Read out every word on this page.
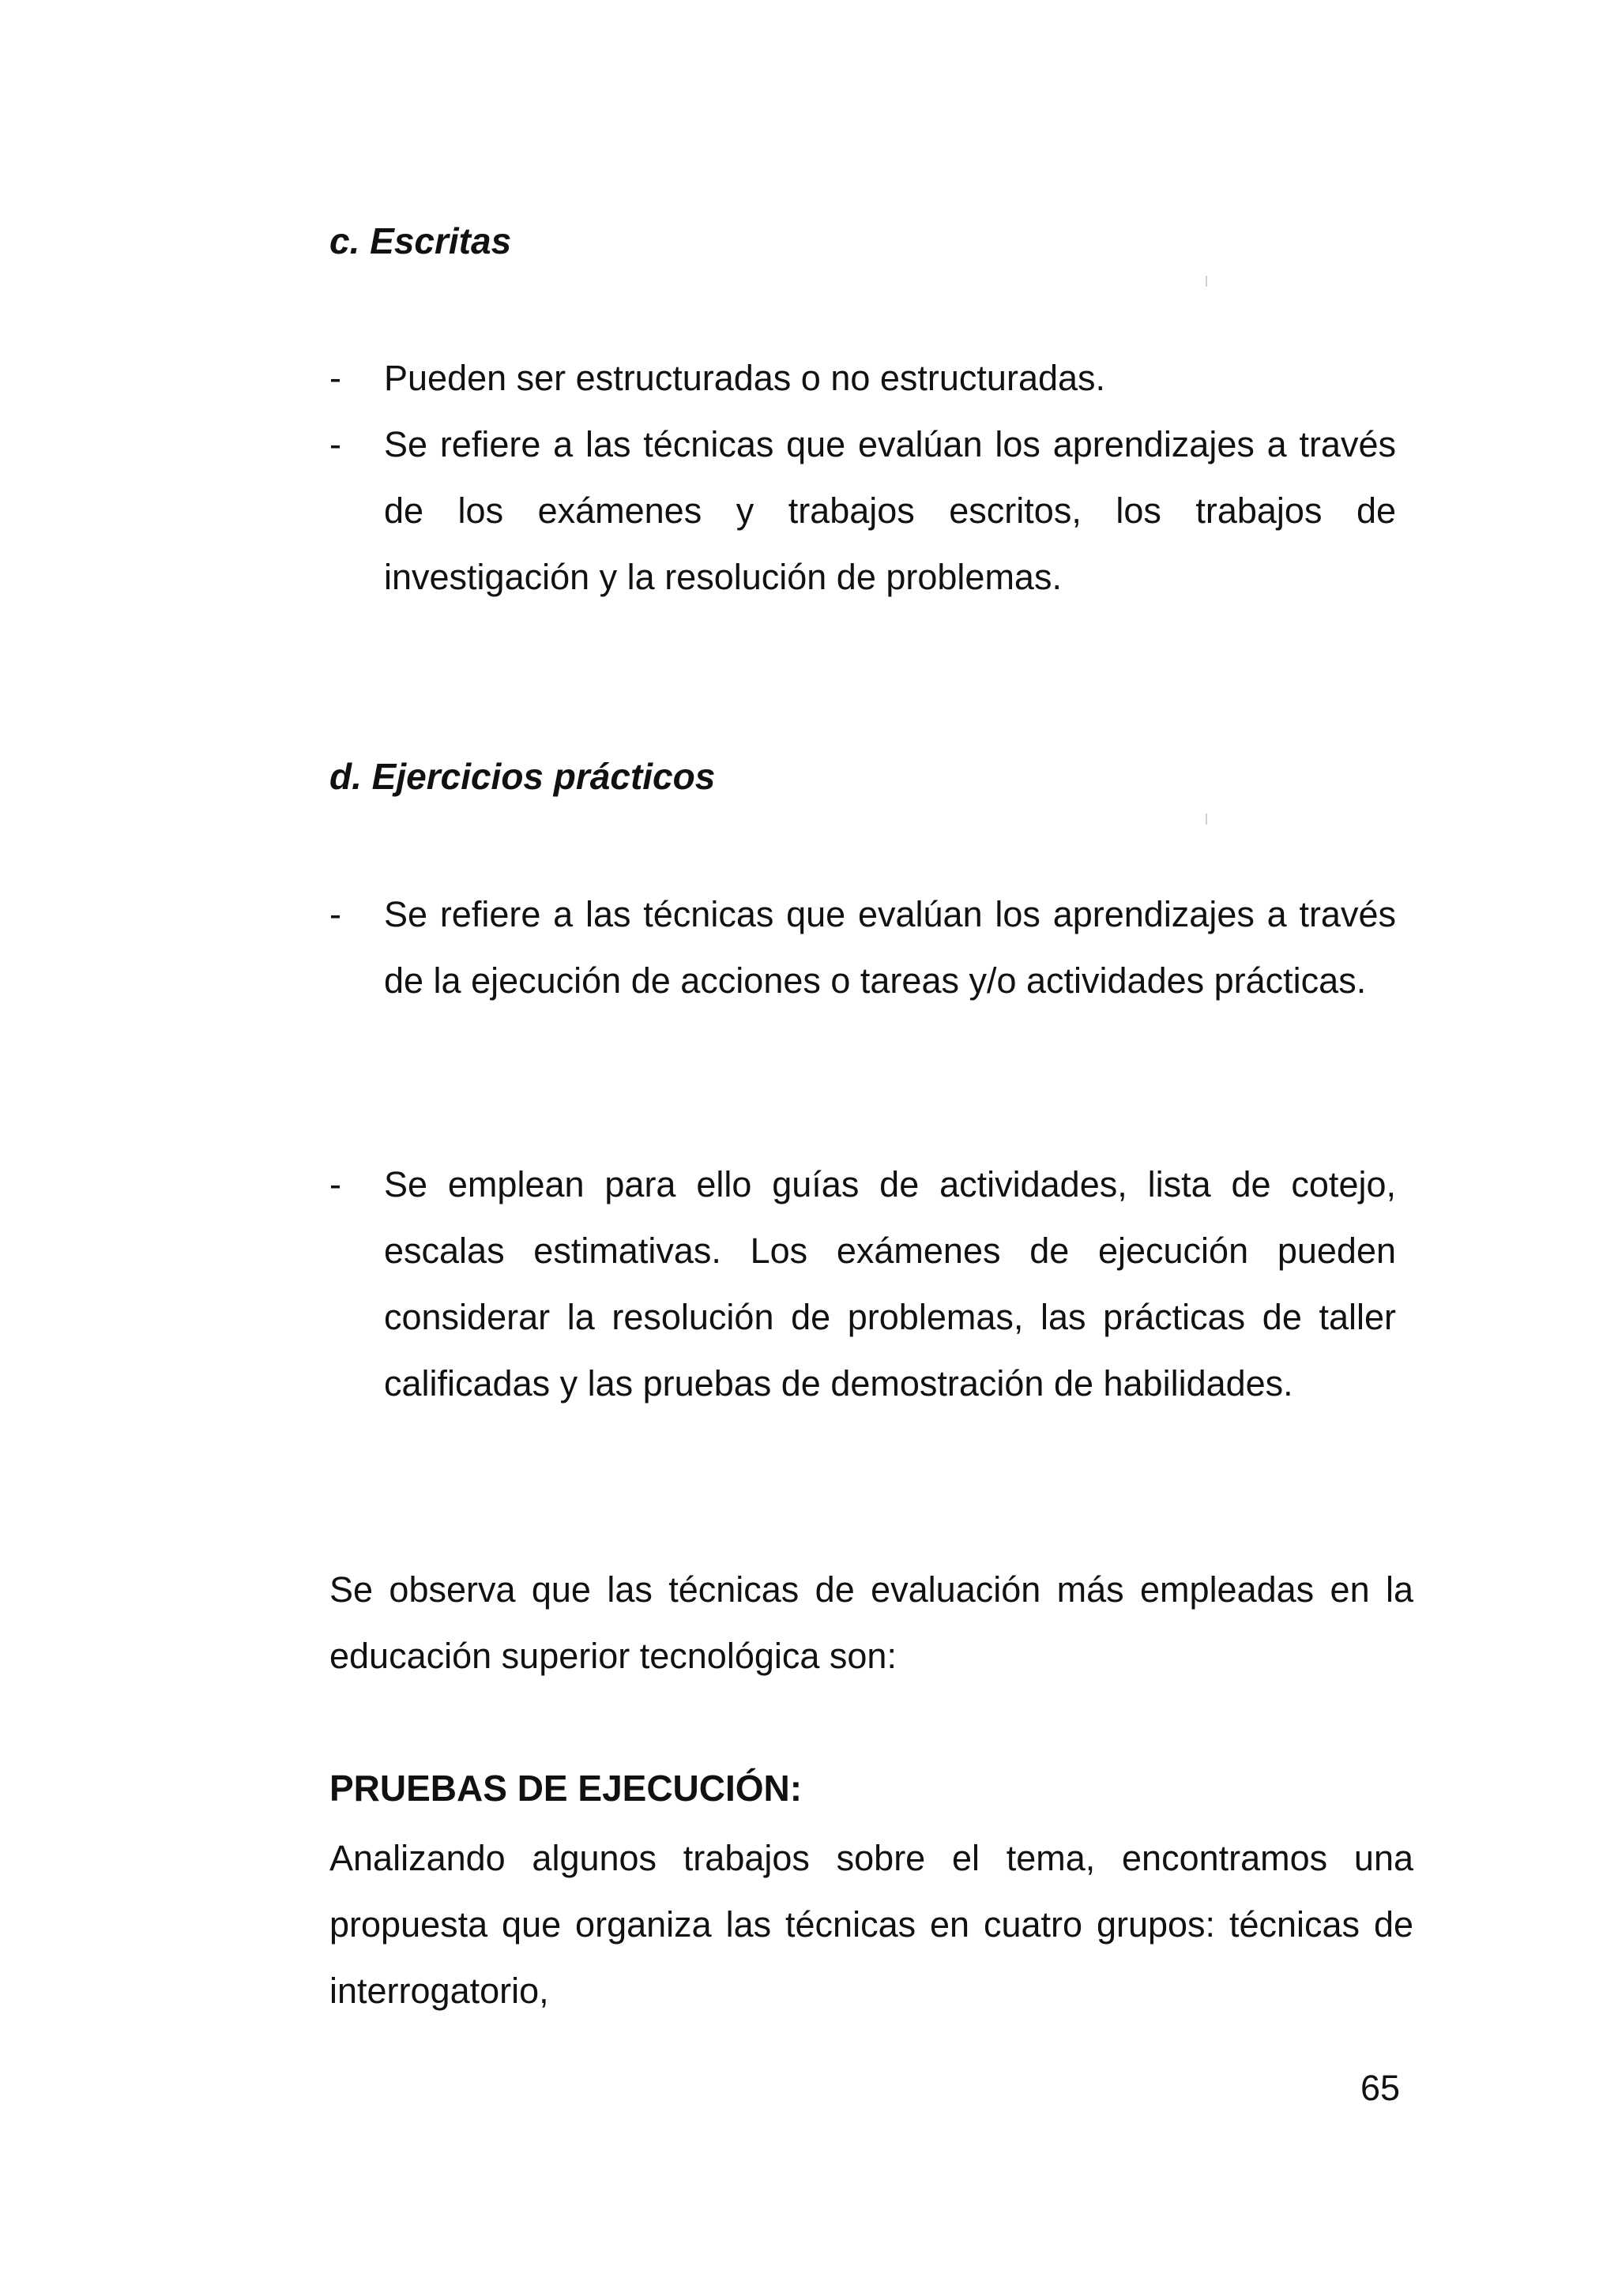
c. Escritas
- Pueden ser estructuradas o no estructuradas.
- Se refiere a las técnicas que evalúan los aprendizajes a través de los exámenes y trabajos escritos, los trabajos de investigación y la resolución de problemas.
d. Ejercicios prácticos
- Se refiere a las técnicas que evalúan los aprendizajes a través de la ejecución de acciones o tareas y/o actividades prácticas.
- Se emplean para ello guías de actividades, lista de cotejo, escalas estimativas. Los exámenes de ejecución pueden considerar la resolución de problemas, las prácticas de taller calificadas y las pruebas de demostración de habilidades.

Se observa que las técnicas de evaluación más empleadas en la educación superior tecnológica son:

PRUEBAS DE EJECUCIÓN:

Analizando algunos trabajos sobre el tema, encontramos una propuesta que organiza las técnicas en cuatro grupos: técnicas de interrogatorio,

65
